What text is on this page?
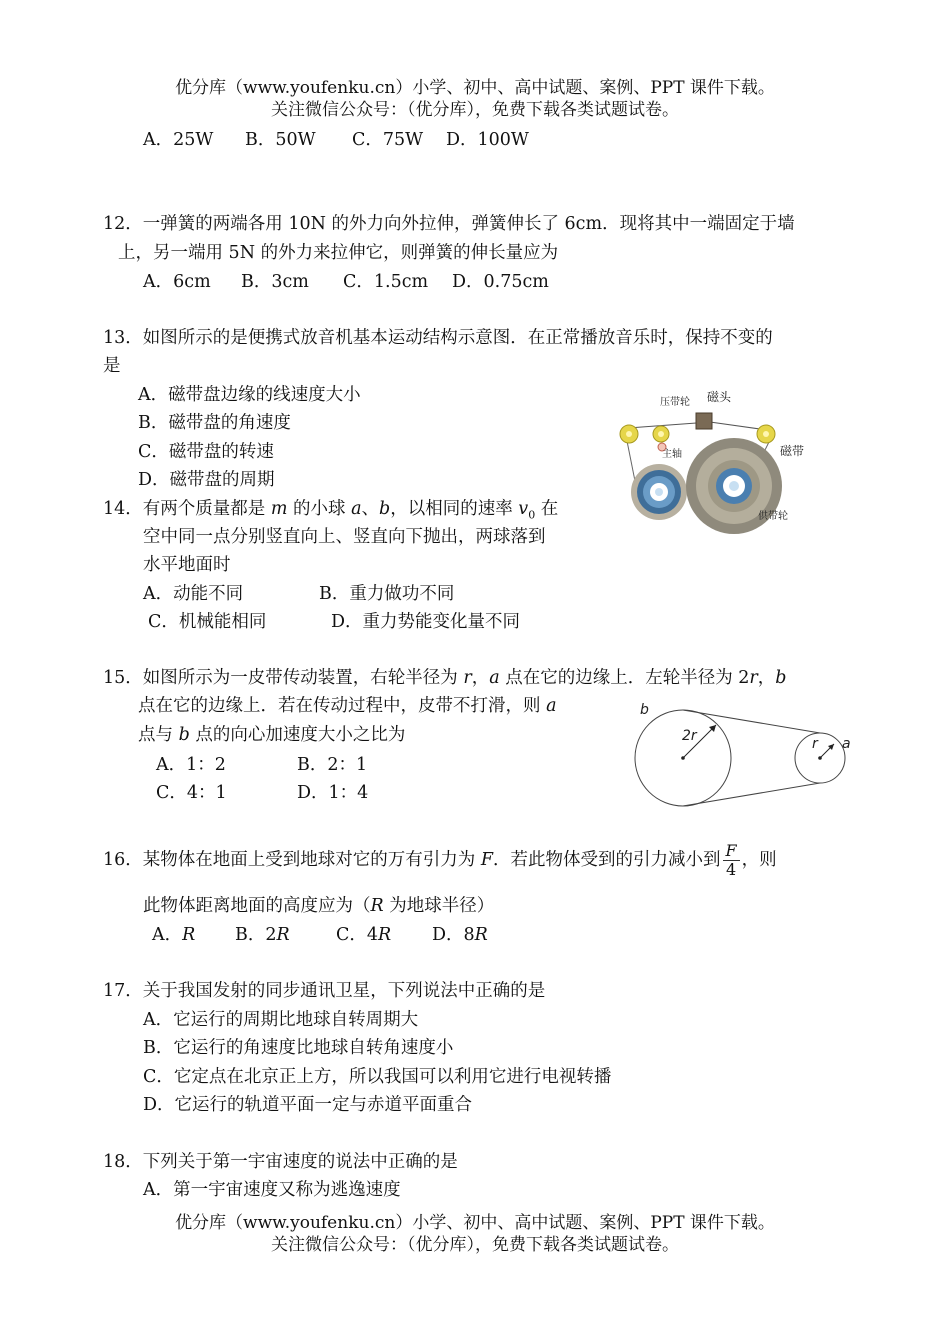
优分库（www.youfenku.cn）小学、初中、高中试题、案例、PPT 课件下载。
关注微信公众号：（优分库），免费下载各类试题试卷。
A．25W B．50W C．75W D．100W
12．一弹簧的两端各用 10N 的外力向外拉伸，弹簧伸长了 6cm．现将其中一端固定于墙
上，另一端用 5N 的外力来拉伸它，则弹簧的伸长量应为
A．6cm B．3cm C．1.5cm D．0.75cm
13．如图所示的是便携式放音机基本运动结构示意图．在正常播放音乐时，保持不变的
是
A．磁带盘边缘的线速度大小
B．磁带盘的角速度
C．磁带盘的转速
D．磁带盘的周期
压带轮 磁头
主轴	磁带
供带轮
14．有两个质量都是 m 的小球 a、b，以相同的速率 $v_0$ 在
空中同一点分别竖直向上、竖直向下抛出，两球落到
水平地面时
A．动能不同	B．重力做功不同
C．机械能相同	D．重力势能变化量不同
15．如图所示为一皮带传动装置，右轮半径为 r，a 点在它的边缘上．左轮半径为 2r，b
点在它的边缘上．若在传动过程中，皮带不打滑，则 a
点与 b 点的向心加速度大小之比为
A．1：2	B．2：1
C．4：1	D．1：4
b
2r	r a
16．某物体在地面上受到地球对它的万有引力为 F．若此物体受到的引力减小到 $\frac{F}{4}$ ，则
此物体距离地面的高度应为（R 为地球半径）
A．R B．2R	C．4R D．8R
17．关于我国发射的同步通讯卫星，下列说法中正确的是
A．它运行的周期比地球自转周期大
B．它运行的角速度比地球自转角速度小
C．它定点在北京正上方，所以我国可以利用它进行电视转播
D．它运行的轨道平面一定与赤道平面重合
18．下列关于第一宇宙速度的说法中正确的是
A．第一宇宙速度又称为逃逸速度
优分库（www.youfenku.cn）小学、初中、高中试题、案例、PPT 课件下载。
关注微信公众号：（优分库），免费下载各类试题试卷。
